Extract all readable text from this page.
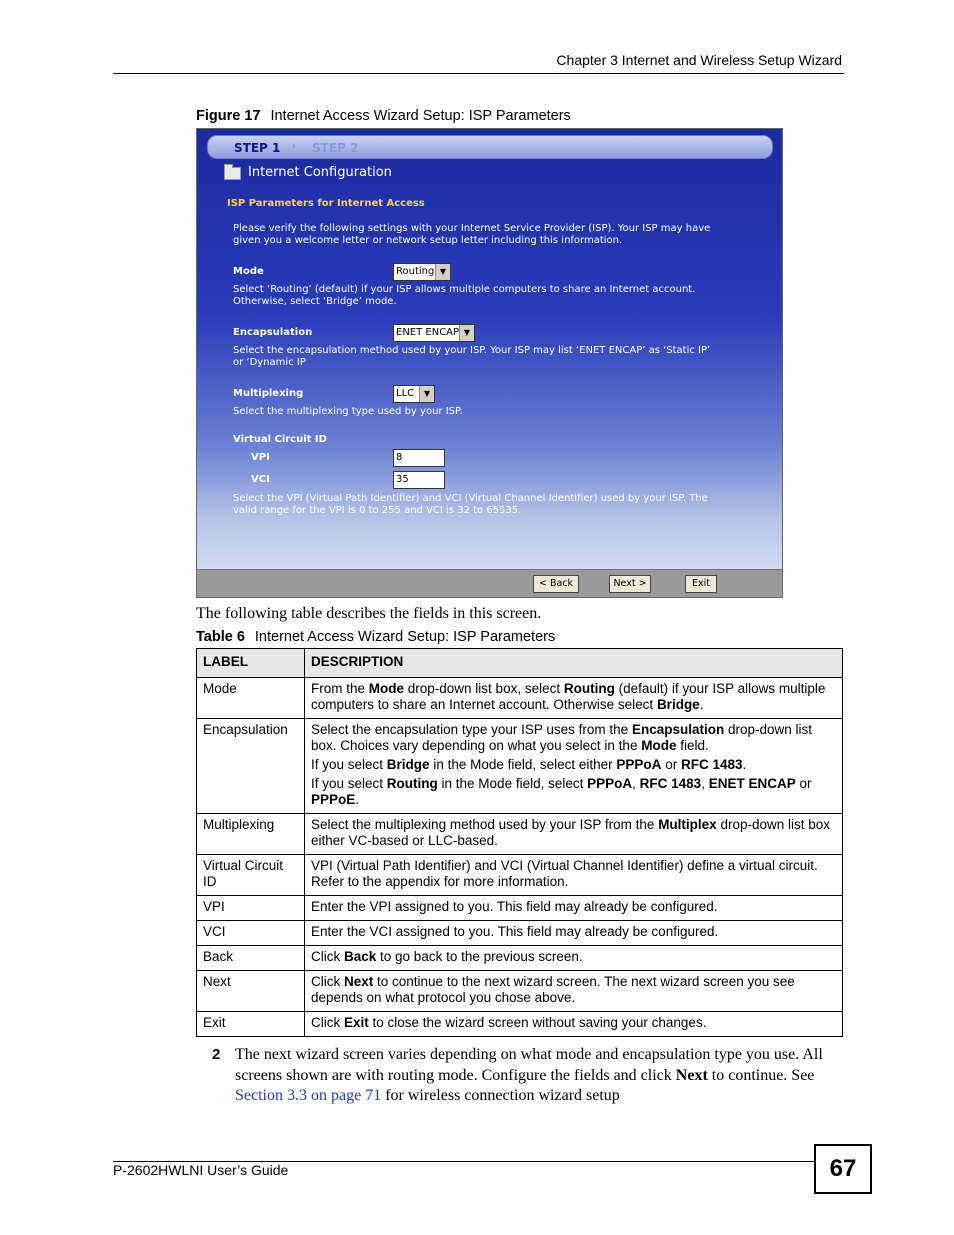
Chapter 3 Internet and Wireless Setup Wizard
Figure 17 Internet Access Wizard Setup: ISP Parameters
STEP 1 › STEP 2
Internet Configuration
ISP Parameters for Internet Access
Please verify the following settings with your Internet Service Provider (ISP). Your ISP may have
given you a welcome letter or network setup letter including this information.
Mode	Routing ▼
Select ‘Routing’ (default) if your ISP allows multiple computers to share an Internet account.
Otherwise, select ‘Bridge’ mode.
Encapsulation	ENET ENCAP ▼
Select the encapsulation method used by your ISP. Your ISP may list ‘ENET ENCAP’ as ‘Static IP’
or ‘Dynamic IP
Multiplexing	LLC	▼
Select the multiplexing type used by your ISP.
Virtual Circuit ID
VPI	8
VCI	35
Select the VPI (Virtual Path Identifier) and VCI (Virtual Channel Identifier) used by your ISP. The
valid range for the VPI is 0 to 255 and VCI is 32 to 65535.
< Back	Next >	Exit
The following table describes the fields in this screen.
Table 6 Internet Access Wizard Setup: ISP Parameters
LABEL	DESCRIPTION
Mode	From the Mode drop-down list box, select Routing (default) if your ISP allows multiple computers to share an Internet account. Otherwise select Bridge.
Encapsulation	Select the encapsulation type your ISP uses from the Encapsulation drop-down list box. Choices vary depending on what you select in the Mode field.

If you select Bridge in the Mode field, select either PPPoA or RFC 1483.

If you select Routing in the Mode field, select PPPoA, RFC 1483, ENET ENCAP or PPPoE.

Multiplexing	Select the multiplexing method used by your ISP from the Multiplex drop-down list box either VC-based or LLC-based.
Virtual Circuit ID	VPI (Virtual Path Identifier) and VCI (Virtual Channel Identifier) define a virtual circuit. Refer to the appendix for more information.
VPI	Enter the VPI assigned to you. This field may already be configured.
VCI	Enter the VCI assigned to you. This field may already be configured.
Back	Click Back to go back to the previous screen.
Next	Click Next to continue to the next wizard screen. The next wizard screen you see depends on what protocol you chose above.
Exit	Click Exit to close the wizard screen without saving your changes.
2 The next wizard screen varies depending on what mode and encapsulation type you use. All screens shown are with routing mode. Configure the fields and click Next to continue. See Section 3.3 on page 71 for wireless connection wizard setup
P-2602HWLNI User’s Guide	67
